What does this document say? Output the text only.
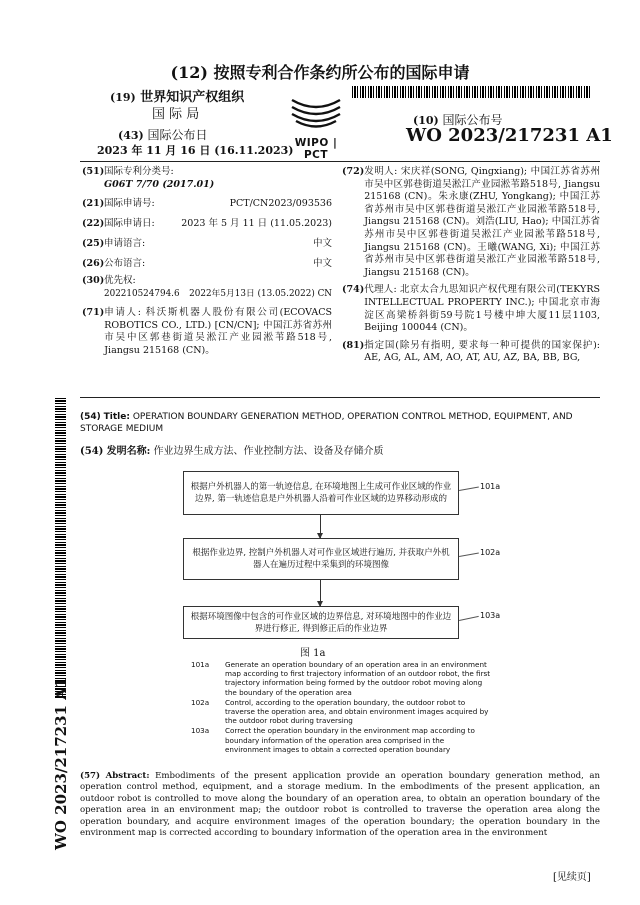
(12) 按照专利合作条约所公布的国际申请
(19) 世界知识产权组织
国 际 局
(43) 国际公布日
2023 年 11 月 16 日 (16.11.2023)
WIPO | PCT
(10) 国际公布号
WO 2023/217231 A1
(51)国际专利分类号:
G06T 7/70 (2017.01)
(21)国际申请号:	PCT/CN2023/093536
(22)国际申请日:	2023 年 5 月 11 日 (11.05.2023)
(25)申请语言:	中文
(26)公布语言:	中文
(30)优先权:
202210524794.6 2022年5月13日 (13.05.2022) CN
(71) 申请人: 科沃斯机器人股份有限公司(ECOVACS ROBOTICS CO., LTD.) [CN/CN]; 中国江苏省苏州市吴中区郭巷街道吴淞江产业园淞苇路518号, Jiangsu 215168 (CN)。
(72) 发明人: 宋庆祥(SONG, Qingxiang); 中国江苏省苏州市吴中区郭巷街道吴淞江产业园淞苇路518号, Jiangsu 215168 (CN)。朱永康(ZHU, Yongkang); 中国江苏省苏州市吴中区郭巷街道吴淞江产业园淞苇路518号, Jiangsu 215168 (CN)。刘浩(LIU, Hao); 中国江苏省苏州市吴中区郭巷街道吴淞江产业园淞苇路518号, Jiangsu 215168 (CN)。王曦(WANG, Xi); 中国江苏省苏州市吴中区郭巷街道吴淞江产业园淞苇路518号, Jiangsu 215168 (CN)。
(74) 代理人: 北京太合九思知识产权代理有限公司(TEKYRS INTELLECTUAL PROPERTY INC.); 中国北京市海淀区高梁桥斜街59号院1号楼中坤大厦11层1103, Beijing 100044 (CN)。
(81) 指定国(除另有指明, 要求每一种可提供的国家保护): AE, AG, AL, AM, AO, AT, AU, AZ, BA, BB, BG,
WO 2023/217231 A1
(54) Title: OPERATION BOUNDARY GENERATION METHOD, OPERATION CONTROL METHOD, EQUIPMENT, AND STORAGE MEDIUM
(54) 发明名称: 作业边界生成方法、作业控制方法、设备及存储介质
根据户外机器人的第一轨迹信息, 在环境地图上生成可作业区域的作业边界, 第一轨迹信息是户外机器人沿着可作业区域的边界移动形成的
101a
根据作业边界, 控制户外机器人对可作业区域进行遍历, 并获取户外机器人在遍历过程中采集到的环境图像
102a
根据环境图像中包含的可作业区域的边界信息, 对环境地图中的作业边界进行修正, 得到修正后的作业边界
103a
图 1a
101a	Generate an operation boundary of an operation area in an environment map according to first trajectory information of an outdoor robot, the first trajectory information being formed by the outdoor robot moving along the boundary of the operation area
102a	Control, according to the operation boundary, the outdoor robot to traverse the operation area, and obtain environment images acquired by the outdoor robot during traversing
103a	Correct the operation boundary in the environment map according to boundary information of the operation area comprised in the environment images to obtain a corrected operation boundary
(57) Abstract: Embodiments of the present application provide an operation boundary generation method, an operation control method, equipment, and a storage medium. In the embodiments of the present application, an outdoor robot is controlled to move along the boundary of an operation area, to obtain an operation boundary of the operation area in an environment map; the outdoor robot is controlled to traverse the operation area along the operation boundary, and acquire environment images of the operation boundary; the operation boundary in the environment map is corrected according to boundary information of the operation area in the environment
[见续页]
